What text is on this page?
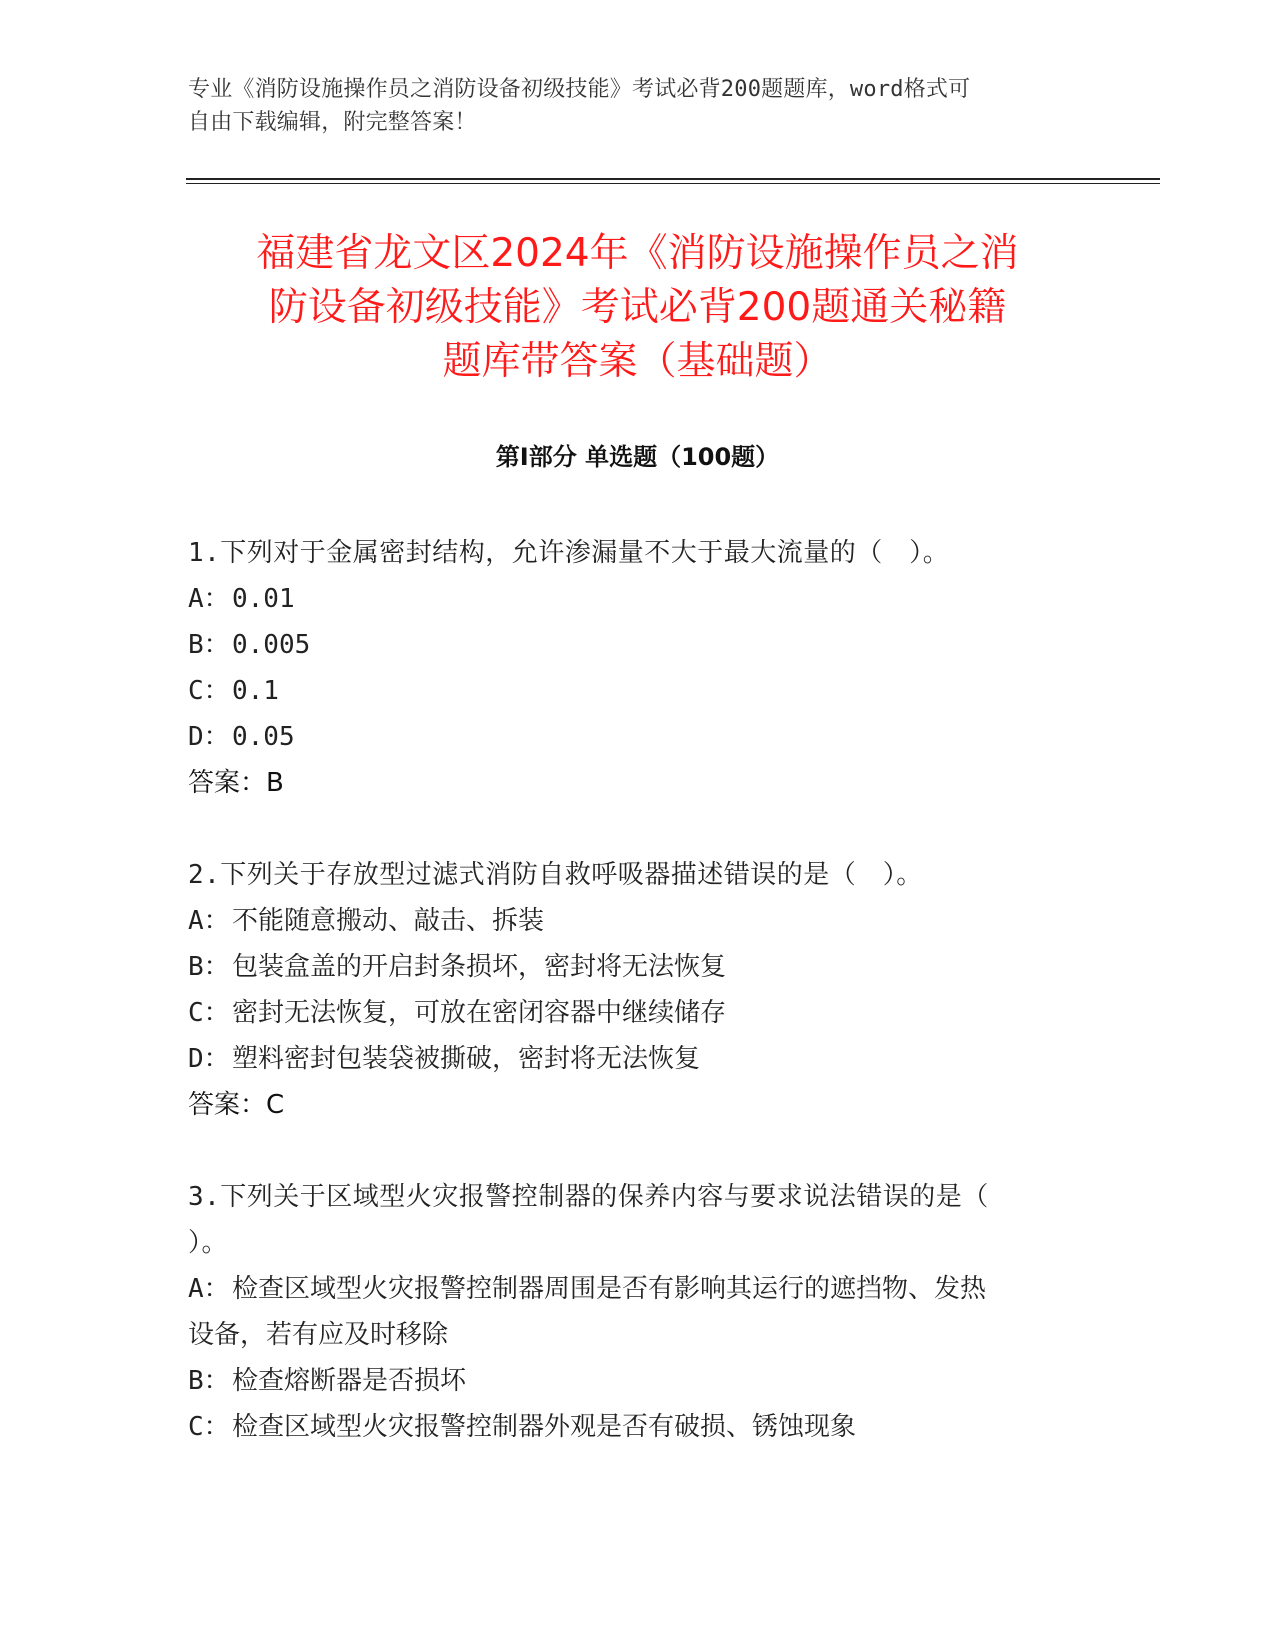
专业《消防设施操作员之消防设备初级技能》考试必背200题题库，word格式可
自由下载编辑，附完整答案！
福建省龙文区2024年《消防设施操作员之消
防设备初级技能》考试必背200题通关秘籍
题库带答案（基础题）
第Ⅰ部分 单选题（100题）
1.下列对于金属密封结构，允许渗漏量不大于最大流量的（　）。
A：0.01
B：0.005
C：0.1
D：0.05
答案：B
2.下列关于存放型过滤式消防自救呼吸器描述错误的是（　）。
A：不能随意搬动、敲击、拆装
B：包装盒盖的开启封条损坏，密封将无法恢复
C：密封无法恢复，可放在密闭容器中继续储存
D：塑料密封包装袋被撕破，密封将无法恢复
答案：C
3.下列关于区域型火灾报警控制器的保养内容与要求说法错误的是（
）。
A：检查区域型火灾报警控制器周围是否有影响其运行的遮挡物、发热
设备，若有应及时移除
B：检查熔断器是否损坏
C：检查区域型火灾报警控制器外观是否有破损、锈蚀现象
